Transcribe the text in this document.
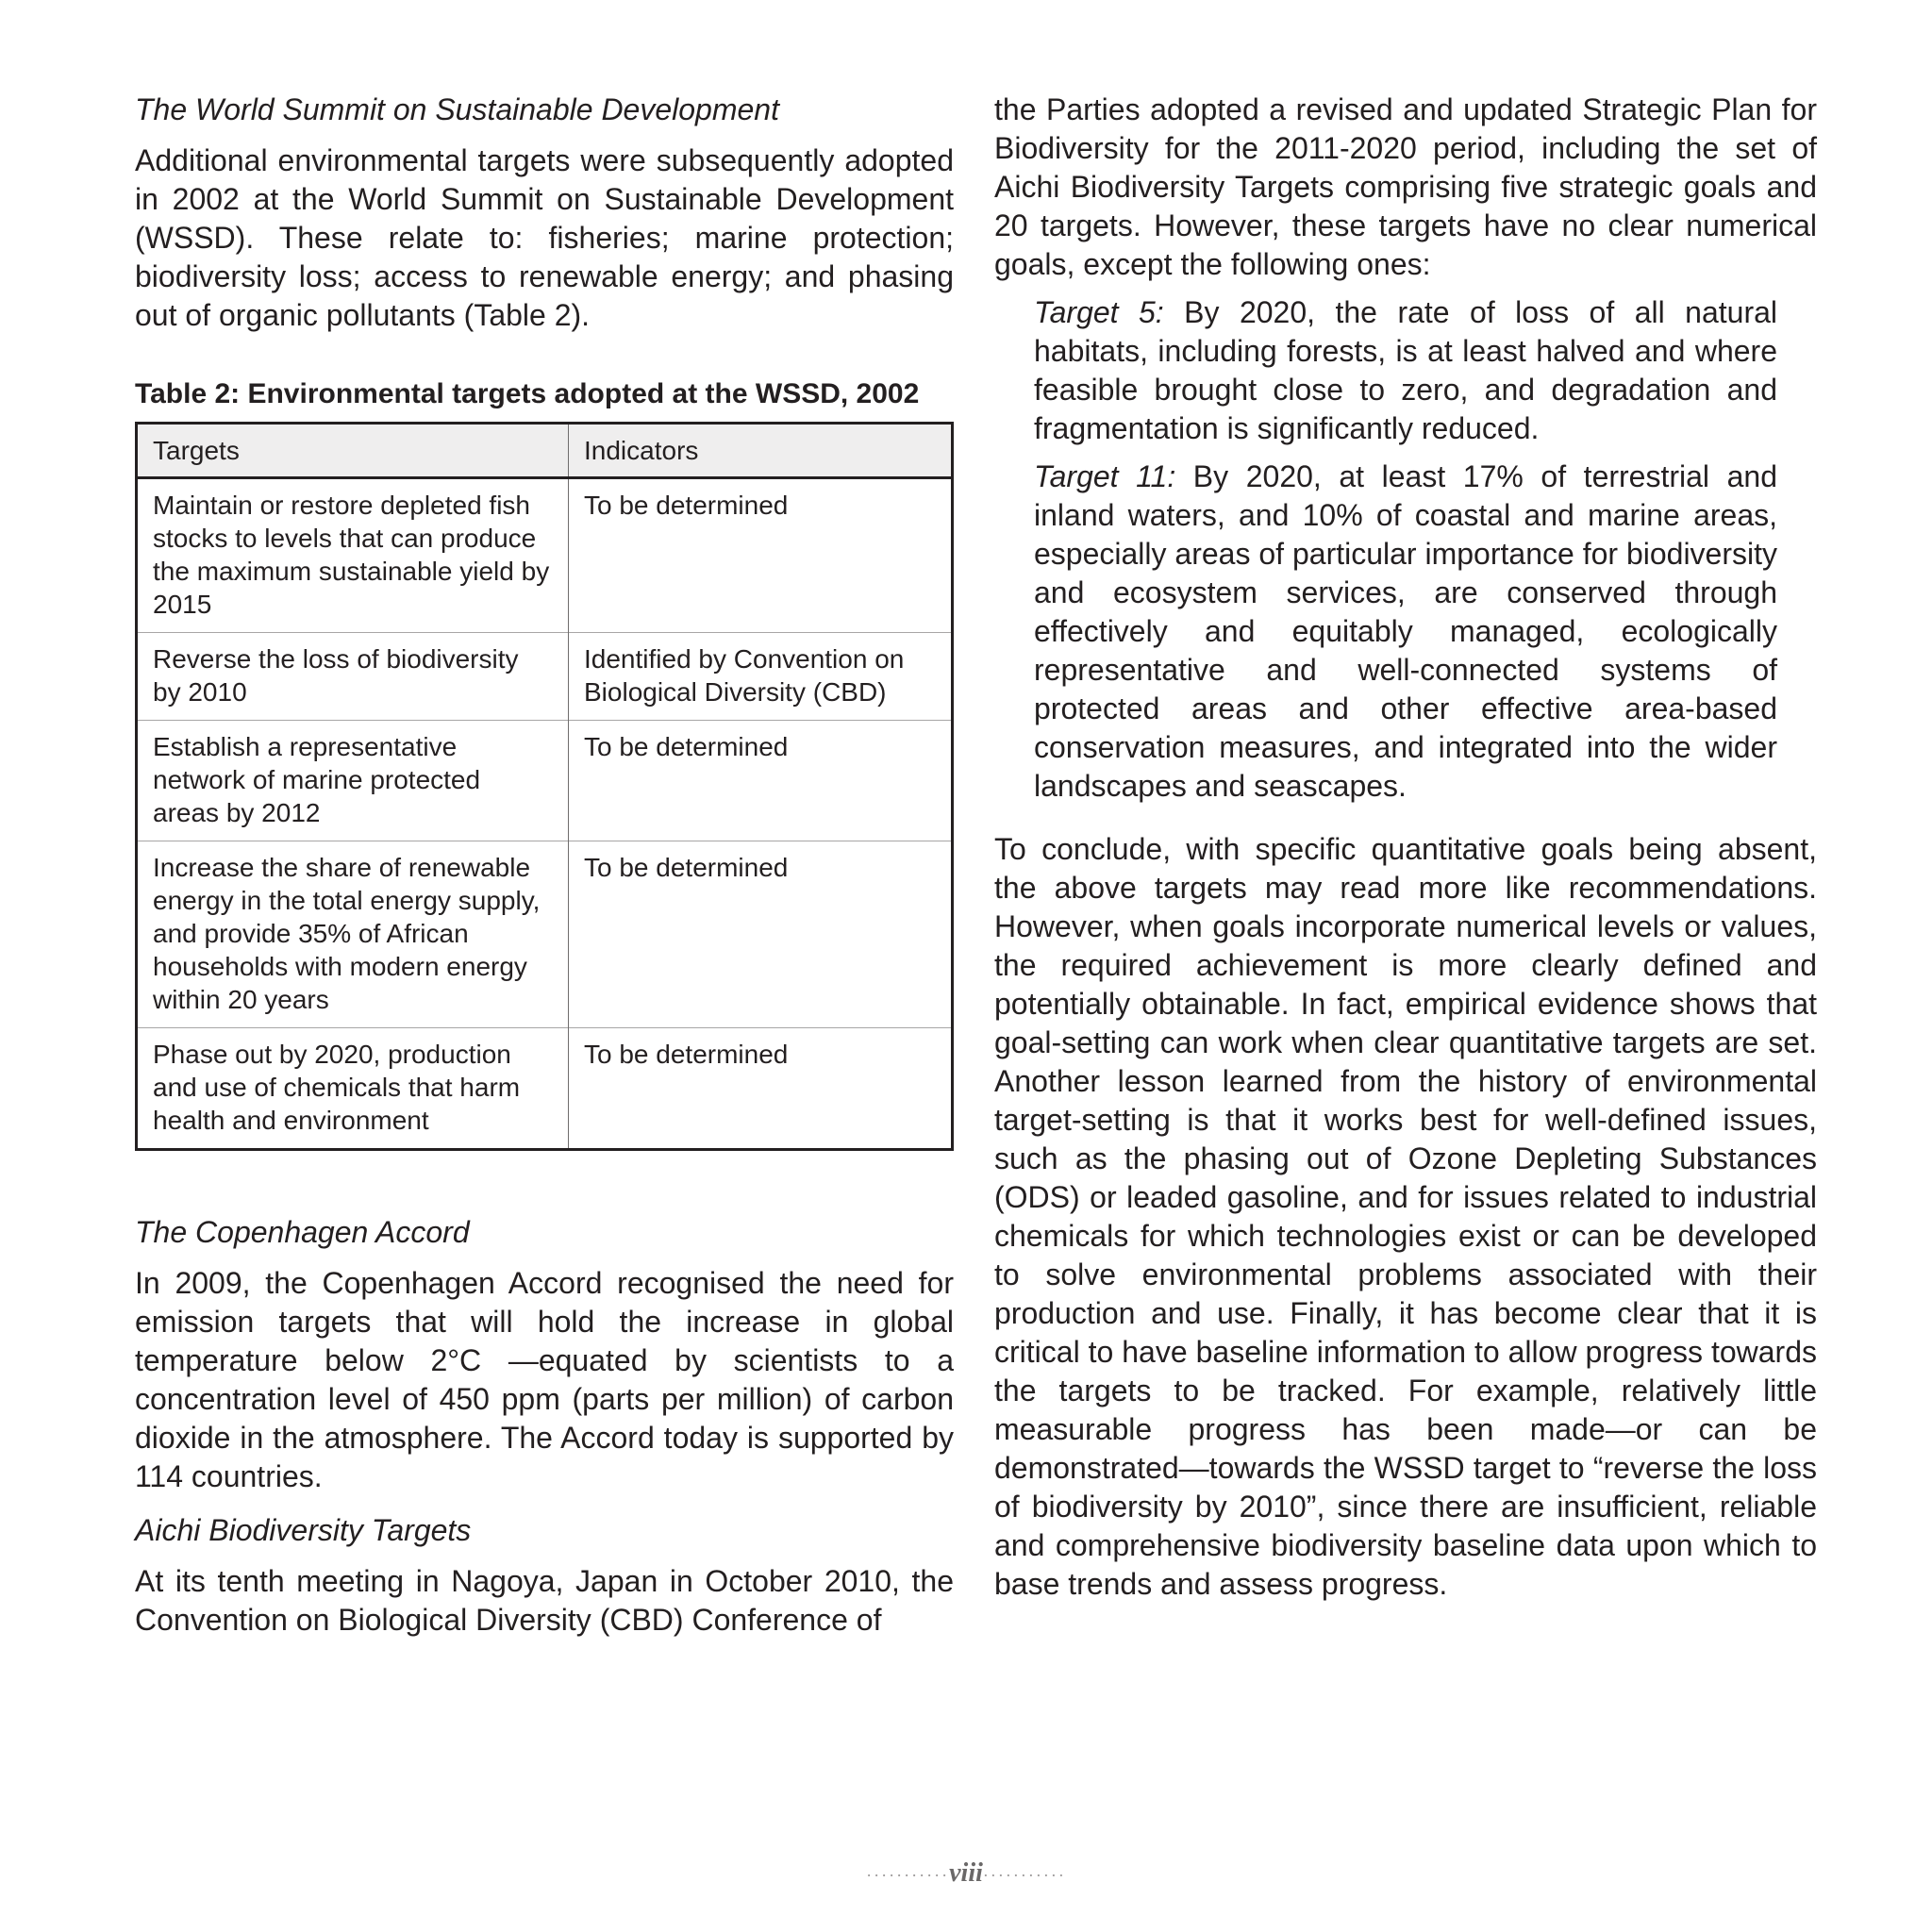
The World Summit on Sustainable Development

Additional environmental targets were subsequently adopted in 2002 at the World Summit on Sustainable Development (WSSD). These relate to: fisheries; marine protection; biodiversity loss; access to renewable energy; and phasing out of organic pollutants (Table 2).

Table 2: Environmental targets adopted at the WSSD, 2002
Targets	Indicators
Maintain or restore depleted fish stocks to levels that can produce the maximum sustainable yield by 2015	To be determined
Reverse the loss of biodiversity by 2010	Identified by Convention on Biological Diversity (CBD)
Establish a representative network of marine protected areas by 2012	To be determined
Increase the share of renewable energy in the total energy supply, and provide 35% of African households with modern energy within 20 years	To be determined
Phase out by 2020, production and use of chemicals that harm health and environment	To be determined
The Copenhagen Accord

In 2009, the Copenhagen Accord recognised the need for emission targets that will hold the increase in global temperature below 2°C —equated by scientists to a concentration level of 450 ppm (parts per million) of carbon dioxide in the atmosphere. The Accord today is supported by 114 countries.

Aichi Biodiversity Targets

At its tenth meeting in Nagoya, Japan in October 2010, the Convention on Biological Diversity (CBD) Conference of

the Parties adopted a revised and updated Strategic Plan for Biodiversity for the 2011-2020 period, including the set of Aichi Biodiversity Targets comprising five strategic goals and 20 targets. However, these targets have no clear numerical goals, except the following ones:

Target 5: By 2020, the rate of loss of all natural habitats, including forests, is at least halved and where feasible brought close to zero, and degradation and fragmentation is significantly reduced.

Target 11: By 2020, at least 17% of terrestrial and inland waters, and 10% of coastal and marine areas, especially areas of particular importance for biodiversity and ecosystem services, are conserved through effectively and equitably managed, ecologically representative and well-connected systems of protected areas and other effective area-based conservation measures, and integrated into the wider landscapes and seascapes.

To conclude, with specific quantitative goals being absent, the above targets may read more like recommendations. However, when goals incorporate numerical levels or values, the required achievement is more clearly defined and potentially obtainable. In fact, empirical evidence shows that goal-setting can work when clear quantitative targets are set. Another lesson learned from the history of environmental target-setting is that it works best for well-defined issues, such as the phasing out of Ozone Depleting Substances (ODS) or leaded gasoline, and for issues related to industrial chemicals for which technologies exist or can be developed to solve environmental problems associated with their production and use. Finally, it has become clear that it is critical to have baseline information to allow progress towards the targets to be tracked. For example, relatively little measurable progress has been made—or can be demonstrated—towards the WSSD target to “reverse the loss of biodiversity by 2010”, since there are insufficient, reliable and comprehensive biodiversity baseline data upon which to base trends and assess progress.

···········viii···········
